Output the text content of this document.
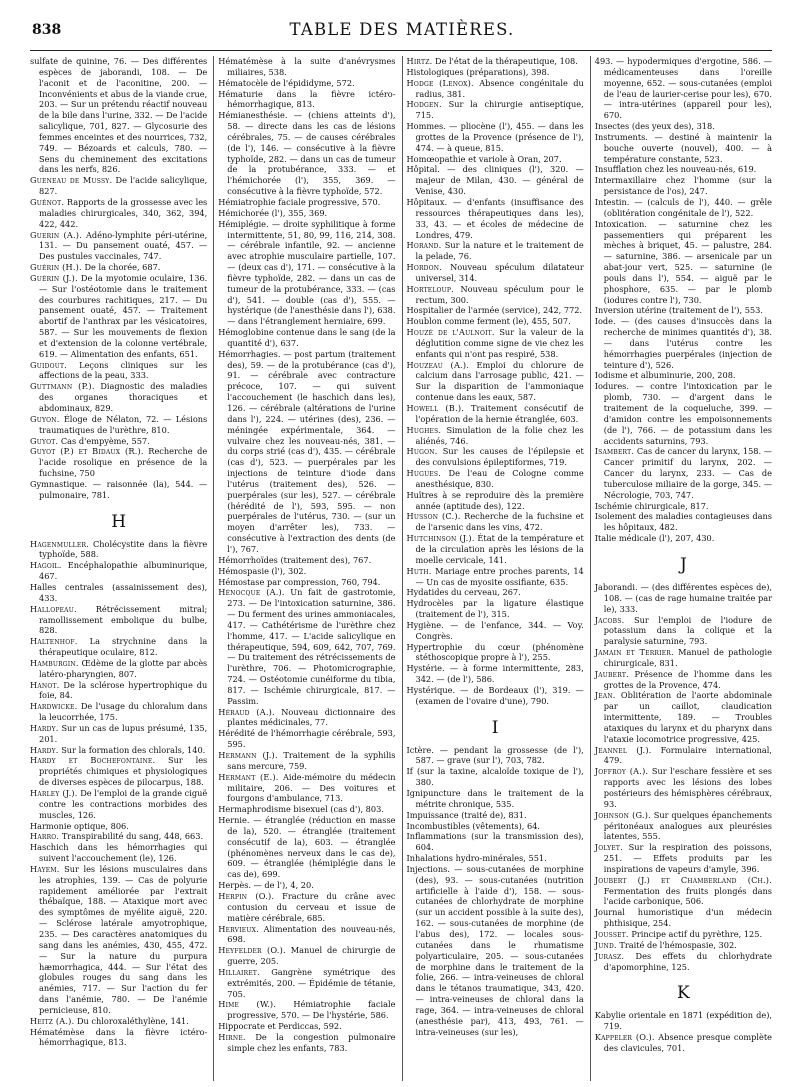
838	TABLE DES MATIÈRES.

sulfate de quinine, 76. — Des différentes espèces de jaborandi, 108. — De l'aconit et de l'aconitine, 200. — Inconvénients et abus de la viande crue, 203. — Sur un prétendu réactif nouveau de la bile dans l'urine, 332. — De l'acide salicylique, 701, 827. — Glycosurie des femmes enceintes et des nourrices, 732, 749. — Bézoards et calculs, 780. — Sens du cheminement des excitations dans les nerfs, 826.

Gueneau de Mussy. De l'acide salicylique, 827.

Guénot. Rapports de la grossesse avec les maladies chirurgicales, 340, 362, 394, 422, 442.

Guerin (A.). Adéno-lymphite péri-utérine, 131. — Du pansement ouaté, 457. — Des pustules vaccinales, 747.

Guérin (H.). De la chorée, 687.

Guérin (J.). De la myotomie oculaire, 136. — Sur l'ostéotomie dans le traitement des courbures rachitiques, 217. — Du pansement ouaté, 457. — Traitement abortif de l'anthrax par les vésicatoires, 587. — Sur les mouvements de flexion et d'extension de la colonne vertébrale, 619. — Alimentation des enfants, 651.

Guidout. Leçons cliniques sur les affections de la peau, 333.

Guttmann (P.). Diagnostic des maladies des organes thoraciques et abdominaux, 829.

Guyon. Éloge de Nélaton, 72. — Lésions traumatiques de l'urèthre, 810.

Guyot. Cas d'empyème, 557.

Guyot (P.) et Bidaux (R.). Recherche de l'acide rosolique en présence de la fuchsine, 750

Gymnastique. — raisonnée (la), 544. — pulmonaire, 781.

H

Hagenmuller. Cholécystite dans la fièvre typhoïde, 588.

Hagoil. Encéphalopathie albuminurique, 467.

Halles centrales (assainissement des), 433.

Hallopeau. Rétrécissement mitral; ramollissement embolique du bulbe, 828.

Haltenhof. La strychnine dans la thérapeutique oculaire, 812.

Hamburgin. Œdème de la glotte par abcès latéro-pharyngien, 807.

Hanot. De la sclérose hypertrophique du foie, 84.

Hardwicke. De l'usage du chloralum dans la leucorrhée, 175.

Hardy. Sur un cas de lupus présumé, 135, 201.

Hardy. Sur la formation des chlorals, 140.

Hardy et Bochefontaine. Sur les propriétés chimiques et physiologiques de diverses espèces de pilocarpus, 188.

Harley (J.). De l'emploi de la grande ciguë contre les contractions morbides des muscles, 126.

Harmonie optique, 806.

Harro. Transpirabilité du sang, 448, 663.

Haschich dans les hémorrhagies qui suivent l'accouchement (le), 126.

Hayem. Sur les lésions musculaires dans les atrophies, 139. — Cas de polyurie rapidement améliorée par l'extrait thébaïque, 188. — Ataxique mort avec des symptômes de myélite aiguë, 220. — Sclérose latérale amyotrophique, 235. — Des caractères anatomiques du sang dans les anémies, 430, 455, 472. — Sur la nature du purpura hæmorrhagica, 444. — Sur l'état des globules rouges du sang dans les anémies, 717. — Sur l'action du fer dans l'anémie, 780. — De l'anémie pernicieuse, 810.

Heitz (A.). Du chloroxaléthylène, 141.

Hématémèse dans la fièvre ictéro-hémorrhagique, 813.

Hématémèse à la suite d'anévrysmes miliaires, 538.

Hématocèle de l'épididyme, 572.

Hématurie dans la fièvre ictéro-hémorrhagique, 813.

Hémianesthésie. — (chiens atteints d'), 58. — directe dans les cas de lésions cérébrales, 75. — de causes cérébrales (de l'), 146. — consécutive à la fièvre typhoïde, 282. — dans un cas de tumeur de la protubérance, 333. — et l'hémichorée (l'), 355, 369. — consécutive à la fièvre typhoïde, 572.

Hémiatrophie faciale progressive, 570.

Hémichorée (l'), 355, 369.

Hémiplégie. — droite syphilitique à forme intermittente, 51, 80, 99, 116, 214, 308. — cérébrale infantile, 92. — ancienne avec atrophie musculaire partielle, 107. — (deux cas d'), 171. — consécutive à la fièvre typhoïde, 282. — dans un cas de tumeur de la protubérance, 333. — (cas d'), 541. — double (cas d'), 555. — hystérique (de l'anesthésie dans l'), 638. — dans l'étranglement herniaire, 699.

Hémoglobine contenue dans le sang (de la quantité d'), 637.

Hémorrhagies. — post partum (traitement des), 59. — de la protubérance (cas d'), 91. — cérébrale avec contracture précoce, 107. — qui suivent l'accouchement (le haschich dans les), 126. — cérébrale (altérations de l'urine dans l'), 224. — utérines (des), 236. — méningée expérimentale, 364. — vulvaire chez les nouveau-nés, 381. — du corps strié (cas d'), 435. — cérébrale (cas d'), 523. — puerpérales par les injections de teinture d'iode dans l'utérus (traitement des), 526. — puerpérales (sur les), 527. — cérébrale (hérédité de l'), 593, 595. — non puerpérales de l'utérus, 730. — (sur un moyen d'arrêter les), 733. — consécutive à l'extraction des dents (de l'), 767.

Hémorrhoïdes (traitement des), 767.

Hémospasie (l'), 302.

Hémostase par compression, 760, 794.

Hénocque (A.). Un fait de gastrotomie, 273. — De l'intoxication saturnine, 386. — Du ferment des urines ammoniacales, 417. — Cathétérisme de l'urèthre chez l'homme, 417. — L'acide salicylique en thérapeutique, 594, 609, 642, 707, 769. — Du traitement des rétrécissements de l'urèthre, 706. — Photomicrographie, 724. — Ostéotomie cunéiforme du tibia, 817. — Ischémie chirurgicale, 817. — Passim.

Héraud (A.). Nouveau dictionnaire des plantes médicinales, 77.

Hérédité de l'hémorrhagie cérébrale, 593, 595.

Hermann (J.). Traitement de la syphilis sans mercure, 759.

Hermant (E.). Aide-mémoire du médecin militaire, 206. — Des voitures et fourgons d'ambulance, 713.

Hermaphrodisme bisexuel (cas d'), 803.

Hernie. — étranglée (réduction en masse de la), 520. — étranglée (traitement consécutif de la), 603. — étranglée (phénomènes nerveux dans le cas de), 609. — étranglée (hémiplégie dans le cas de), 699.

Herpès. — de l'), 4, 20.

Herpin (O.). Fracture du crâne avec contusion du cerveau et issue de matière cérébrale, 685.

Hervieux. Alimentation des nouveau-nés, 698.

Heyfelder (O.). Manuel de chirurgie de guerre, 205.

Hillairet. Gangrène symétrique des extrémités, 200. — Épidémie de tétanie, 705.

Hime (W.). Hémiatrophie faciale progressive, 570. — De l'hystérie, 586.

Hippocrate et Perdiccas, 592.

Hirne. De la congestion pulmonaire simple chez les enfants, 783.

Hirtz. De l'état de la thérapeutique, 108.

Histologiques (préparations), 398.

Hodge (Lenox). Absence congénitale du radius, 381.

Hodgen. Sur la chirurgie antiseptique, 715.

Hommes. — pliocène (l'), 455. — dans les grottes de la Provence (présence de l'), 474. — à queue, 815.

Homœopathie et variole à Oran, 207.

Hôpital. — des cliniques (l'), 320. — majeur de Milan, 430. — général de Venise, 430.

Hôpitaux. — d'enfants (insuffisance des ressources thérapeutiques dans les), 33, 43. — et écoles de médecine de Londres, 479.

Horand. Sur la nature et le traitement de la pelade, 76.

Hordon. Nouveau spéculum dilatateur universel, 314.

Horteloup. Nouveau spéculum pour le rectum, 300.

Hospitalier de l'armée (service), 242, 772.

Houblon comme ferment (le), 455, 507.

Houzé de l'Aulnoit. Sur la valeur de la déglutition comme signe de vie chez les enfants qui n'ont pas respiré, 538.

Houzeau (A.). Emploi du chlorure de calcium dans l'arrosage public, 421. — Sur la disparition de l'ammoniaque contenue dans les eaux, 587.

Howell (B.). Traitement consécutif de l'opération de la hernie étranglée, 603.

Hughes. Simulation de la folie chez les aliénés, 746.

Hugon. Sur les causes de l'épilepsie et des convulsions épileptiformes, 719.

Hugues. De l'eau de Cologne comme anesthésique, 830.

Huîtres à se reproduire dès la première année (aptitude des), 122.

Husson (C.). Recherche de la fuchsine et de l'arsenic dans les vins, 472.

Hutchinson (J.). État de la température et de la circulation après les lésions de la moelle cervicale, 141.

Huth. Mariage entre proches parents, 14 — Un cas de myosite ossifiante, 635.

Hydatides du cerveau, 267.

Hydrocèles par la ligature élastique (traitement de l'), 315.

Hygiène. — de l'enfance, 344. — Voy. Congrès.

Hypertrophie du cœur (phénomène stéthoscopique propre à l'), 255.

Hystérie. — à forme intermittente, 283, 342. — (de l'), 586.

Hystérique. — de Bordeaux (l'), 319. — (examen de l'ovaire d'une), 790.

I

Ictère. — pendant la grossesse (de l'), 587. — grave (sur l'), 703, 782.

If (sur la taxine, alcaloïde toxique de l'), 380.

Ignipuncture dans le traitement de la métrite chronique, 535.

Impuissance (traité de), 831.

Incombustibles (vêtements), 64.

Inflammations (sur la transmission des), 604.

Inhalations hydro-minérales, 551.

Injections. — sous-cutanées de morphine (des), 93. — sous-cutanées (nutrition artificielle à l'aide d'), 158. — sous-cutanées de chlorhydrate de morphine (sur un accident possible à la suite des), 162. — sous-cutanées de morphine (de l'abus des), 172. — locales sous-cutanées dans le rhumatisme polyarticulaire, 205. — sous-cutanées de morphine dans le traitement de la folie, 266. — intra-veineuses de chloral dans le tétanos traumatique, 343, 420. — intra-veineuses de chloral dans la rage, 364. — intra-veineuses de chloral (anesthésie par), 413, 493, 761. — intra-veineuses (sur les),

493. — hypodermiques d'ergotine, 586. — médicamenteuses dans l'oreille moyenne, 652. — sous-cutanées (emploi de l'eau de laurier-cerise pour les), 670. — intra-utérines (appareil pour les), 670.

Insectes (des yeux des), 318.

Instruments. — destiné à maintenir la bouche ouverte (nouvel), 400. — à température constante, 523.

Insufflation chez les nouveau-nés, 619.

Intermaxillaire chez l'homme (sur la persistance de l'os), 247.

Intestin. — (calculs de l'), 440. — grêle (oblitération congénitale de l'), 522.

Intoxication. — saturnine chez les passementiers qui préparent les mèches à briquet, 45. — palustre, 284. — saturnine, 386. — arsenicale par un abat-jour vert, 525. — saturnine (le pouls dans l'), 554. — aiguë par le phosphore, 635. — par le plomb (iodures contre l'), 730.

Inversion utérine (traitement de l'), 553.

Iode. — (des causes d'insuccès dans la recherche de minimes quantités d'), 38. — dans l'utérus contre les hémorrhagies puerpérales (injection de teinture d'), 526.

Iodisme et albuminurie, 200, 208.

Iodures. — contre l'intoxication par le plomb, 730. — d'argent dans le traitement de la coqueluche, 399. — d'amidon contre les empoisonnements (de l'), 766. — de potassium dans les accidents saturnins, 793.

Isambert. Cas de cancer du larynx, 158. — Cancer primitif du larynx, 202. — Cancer du larynx, 233. — Cas de tuberculose miliaire de la gorge, 345. — Nécrologie, 703, 747.

Ischémie chirurgicale, 817.

Isolement des maladies contagieuses dans les hôpitaux, 482.

Italie médicale (l'), 207, 430.

J

Jaborandi. — (des différentes espèces de), 108. — (cas de rage humaine traitée par le), 333.

Jacobs. Sur l'emploi de l'iodure de potassium dans la colique et la paralysie saturnine, 793.

Jamain et Terrier. Manuel de pathologie chirurgicale, 831.

Jaubert. Présence de l'homme dans les grottes de la Provence, 474.

Jean. Oblitération de l'aorte abdominale par un caillot, claudication intermittente, 189. — Troubles ataxiques du larynx et du pharynx dans l'ataxie locomotrice progressive, 425.

Jeannel (J.). Formulaire international, 479.

Joffroy (A.). Sur l'eschare fessière et ses rapports avec les lésions des lobes postérieurs des hémisphères cérébraux, 93.

Johnson (G.). Sur quelques épanchements péritonéaux analogues aux pleurésies latentes, 555.

Jolyet. Sur la respiration des poissons, 251. — Effets produits par les inspirations de vapeurs d'amyle, 396.

Joubert (J.) et Chamberland (Ch.). Fermentation des fruits plongés dans l'acide carbonique, 506.

Journal humoristique d'un médecin phthisique, 254.

Jousset. Principe actif du pyrèthre, 125.

Jund. Traité de l'hémospasie, 302.

Jurasz. Des effets du chlorhydrate d'apomorphine, 125.

K

Kabylie orientale en 1871 (expédition de), 719.

Kappeler (O.). Absence presque complète des clavicules, 701.
